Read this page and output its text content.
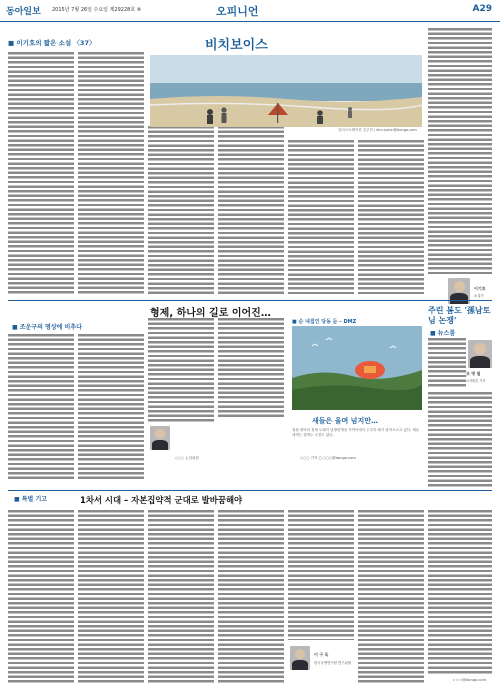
동아일보 2015년 7월 26일 수요일 제29228호 ⑧	오피니언	A29
■ 이기호의 짧은 소설 〈37〉	비치보이스
일러스트레이션 김주민 / kim.jumin@donga.com
이기호
소설가
형제, 하나의 길로 이어진…
■ 조운구의 명상에 비추다
○○○ 논설위원
■ 순 내집인 당동 듣 – DMZ
새들은 울며 넘지만…
철원 평야의 철새 도래지 남방한계선 가까이에서 두루미 떼가 날아오르고 있다. 새들에게는 철책도 국경도 없다.
○○○ 기자 ◻ ○○○@donga.com
주린 봄도 '孫남토님 논쟁'
■ 뉴스룸
조 명 철
시사평론 기자
■ 특별 기고	1차서 시대 – 자본집약적 군대로 발바꿈해야
이 구 옥
한국국방연구원 연구위원
ㅇㅇㅇ@donga.com
